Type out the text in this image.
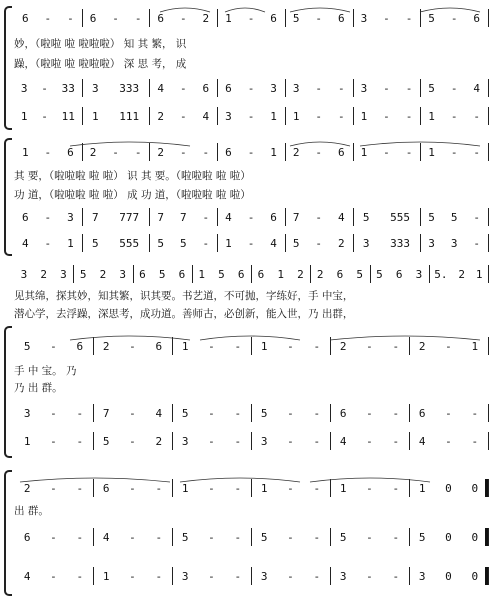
6 - - 6 - - 6 - 2 1 - 6 5 - 6 3 - - 5 - 6
妙，（啦啦 啦 啦啦啦） 知 其 繁， 识
躁，（啦啦 啦 啦啦啦） 深 思 考， 成
3 - 33 3 333 4 - 6 6 - 3 3 - - 3 - - 5 - 4
1 - 11 1 111 2 - 4 3 - 1 1 - - 1 - - 1 - -
1 - 6 2 - - 2 - - 6 - 1 2 - 6 1 - - 1 - -
其 要，（啦啦啦 啦 啦） 识 其 要。（啦啦啦 啦 啦）
功 道，（啦啦啦 啦 啦） 成 功 道，（啦啦啦 啦 啦）
6 - 3 7 777 7 7 - 4 - 6 7 - 4 5 555 5 5 -
4 - 1 5 555 5 5 - 1 - 4 5 - 2 3 333 3 3 -
3 2 3 5 2 3 6 5 6 1 5 6 6 1 2 2 6 5 5 6 3 5. 2 1
见其绵，探其妙，知其繁，识其要。书艺道，不可抛，字练好，手 中宝，
潜心学，去浮躁，深思考，成功道。善师古，必创新，能入世，乃 出群，
5 - 6 2 - 6 1 - - 1 - - 2 - - 2 - 1
手 中 宝。 乃
乃 出 群。
3 - - 7 - 4 5 - - 5 - - 6 - - 6 - -
1 - - 5 - 2 3 - - 3 - - 4 - - 4 - -
2 - - 6 - - 1 - - 1 - - 1 - - 1 0 0
出 群。
6 - - 4 - - 5 - - 5 - - 5 - - 5 0 0
4 - - 1 - - 3 - - 3 - - 3 - - 3 0 0
